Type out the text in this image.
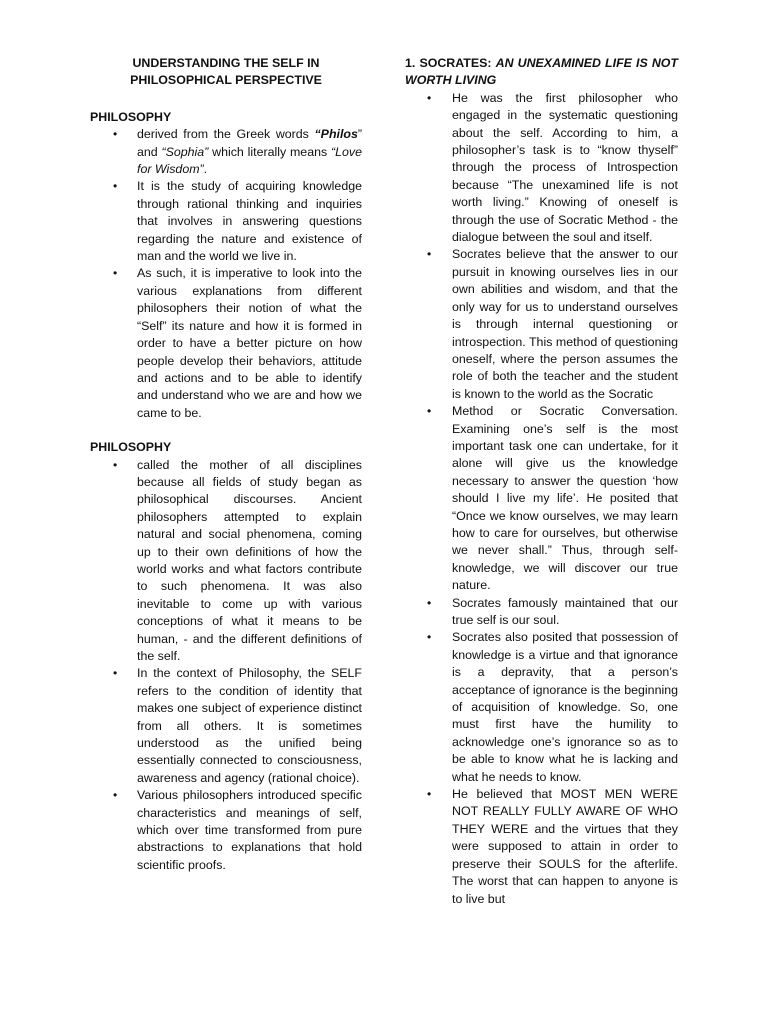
UNDERSTANDING THE SELF IN PHILOSOPHICAL PERSPECTIVE
PHILOSOPHY
• derived from the Greek words “Philos” and “Sophia” which literally means “Love for Wisdom”.
• It is the study of acquiring knowledge through rational thinking and inquiries that involves in answering questions regarding the nature and existence of man and the world we live in.
• As such, it is imperative to look into the various explanations from different philosophers their notion of what the “Self” its nature and how it is formed in order to have a better picture on how people develop their behaviors, attitude and actions and to be able to identify and understand who we are and how we came to be.
PHILOSOPHY
• called the mother of all disciplines because all fields of study began as philosophical discourses. Ancient philosophers attempted to explain natural and social phenomena, coming up to their own definitions of how the world works and what factors contribute to such phenomena. It was also inevitable to come up with various conceptions of what it means to be human, - and the different definitions of the self.
• In the context of Philosophy, the SELF refers to the condition of identity that makes one subject of experience distinct from all others. It is sometimes understood as the unified being essentially connected to consciousness, awareness and agency (rational choice).
• Various philosophers introduced specific characteristics and meanings of self, which over time transformed from pure abstractions to explanations that hold scientific proofs.
1. SOCRATES: AN UNEXAMINED LIFE IS NOT
WORTH LIVING
• He was the first philosopher who engaged in the systematic questioning about the self. According to him, a philosopher’s task is to “know thyself” through the process of Introspection because “The unexamined life is not worth living.” Knowing of oneself is through the use of Socratic Method - the dialogue between the soul and itself.
• Socrates believe that the answer to our pursuit in knowing ourselves lies in our own abilities and wisdom, and that the only way for us to understand ourselves is through internal questioning or introspection. This method of questioning oneself, where the person assumes the role of both the teacher and the student is known to the world as the Socratic
• Method or Socratic Conversation. Examining one’s self is the most important task one can undertake, for it alone will give us the knowledge necessary to answer the question ‘how should I live my life’. He posited that “Once we know ourselves, we may learn how to care for ourselves, but otherwise we never shall.” Thus, through self-knowledge, we will discover our true nature.
• Socrates famously maintained that our true self is our soul.
• Socrates also posited that possession of knowledge is a virtue and that ignorance is a depravity, that a person’s acceptance of ignorance is the beginning of acquisition of knowledge. So, one must first have the humility to acknowledge one’s ignorance so as to be able to know what he is lacking and what he needs to know.
• He believed that MOST MEN WERE NOT REALLY FULLY AWARE OF WHO THEY WERE and the virtues that they were supposed to attain in order to preserve their SOULS for the afterlife. The worst that can happen to anyone is to live but
